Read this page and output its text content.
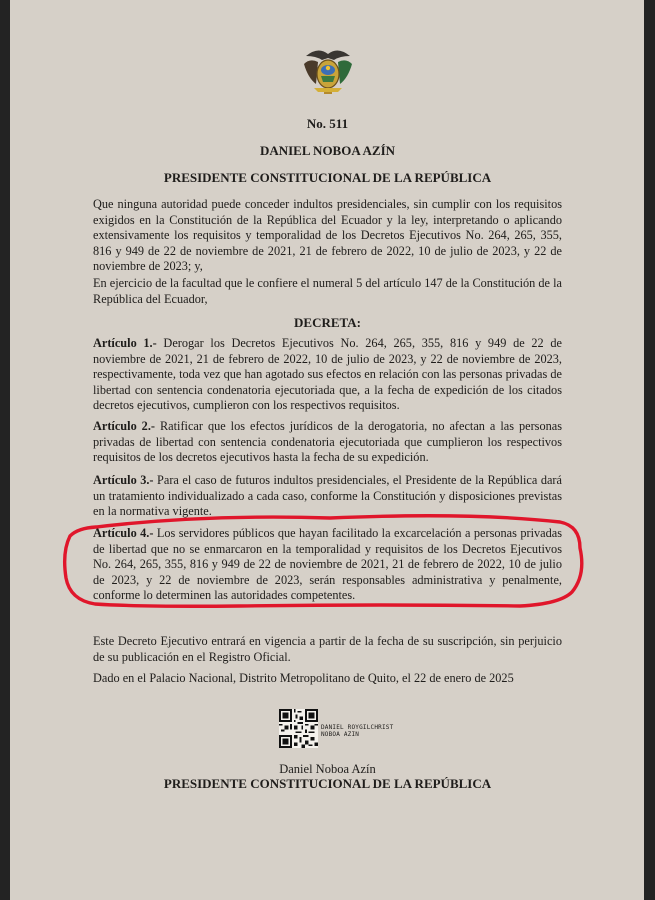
No. 511
DANIEL NOBOA AZÍN
PRESIDENTE CONSTITUCIONAL DE LA REPÚBLICA
Que ninguna autoridad puede conceder indultos presidenciales, sin cumplir con los requisitos exigidos en la Constitución de la República del Ecuador y la ley, interpretando o aplicando extensivamente los requisitos y temporalidad de los Decretos Ejecutivos No. 264, 265, 355, 816 y 949 de 22 de noviembre de 2021, 21 de febrero de 2022, 10 de julio de 2023, y 22 de noviembre de 2023; y,
En ejercicio de la facultad que le confiere el numeral 5 del artículo 147 de la Constitución de la República del Ecuador,
DECRETA:
Artículo 1.- Derogar los Decretos Ejecutivos No. 264, 265, 355, 816 y 949 de 22 de noviembre de 2021, 21 de febrero de 2022, 10 de julio de 2023, y 22 de noviembre de 2023, respectivamente, toda vez que han agotado sus efectos en relación con las personas privadas de libertad con sentencia condenatoria ejecutoriada que, a la fecha de expedición de los citados decretos ejecutivos, cumplieron con los respectivos requisitos.
Artículo 2.- Ratificar que los efectos jurídicos de la derogatoria, no afectan a las personas privadas de libertad con sentencia condenatoria ejecutoriada que cumplieron los respectivos requisitos de los decretos ejecutivos hasta la fecha de su expedición.
Artículo 3.- Para el caso de futuros indultos presidenciales, el Presidente de la República dará un tratamiento individualizado a cada caso, conforme la Constitución y disposiciones previstas en la normativa vigente.
Artículo 4.- Los servidores públicos que hayan facilitado la excarcelación a personas privadas de libertad que no se enmarcaron en la temporalidad y requisitos de los Decretos Ejecutivos No. 264, 265, 355, 816 y 949 de 22 de noviembre de 2021, 21 de febrero de 2022, 10 de julio de 2023, y 22 de noviembre de 2023, serán responsables administrativa y penalmente, conforme lo determinen las autoridades competentes.
Este Decreto Ejecutivo entrará en vigencia a partir de la fecha de su suscripción, sin perjuicio de su publicación en el Registro Oficial.
Dado en el Palacio Nacional, Distrito Metropolitano de Quito, el 22 de enero de 2025
DANIEL ROYGILCHRIST
NOBOA AZIN
Daniel Noboa Azín
PRESIDENTE CONSTITUCIONAL DE LA REPÚBLICA
